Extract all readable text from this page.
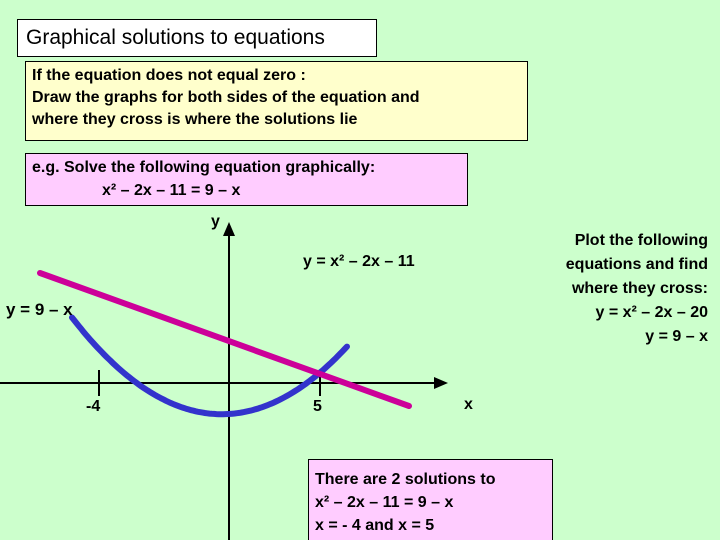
Graphical solutions to equations
If the equation does not equal zero :
Draw the graphs for both sides of the equation and
where they cross is where the solutions lie
e.g. Solve the following equation graphically:
x² – 2x – 11 = 9 – x
y
x
y = x² – 2x – 11
y = 9 – x
-4	5
Plot the following
equations and find
where they cross:
y = x² – 2x – 20
y = 9 – x
There are 2 solutions to
x² – 2x – 11 = 9 – x
x = - 4 and x = 5
